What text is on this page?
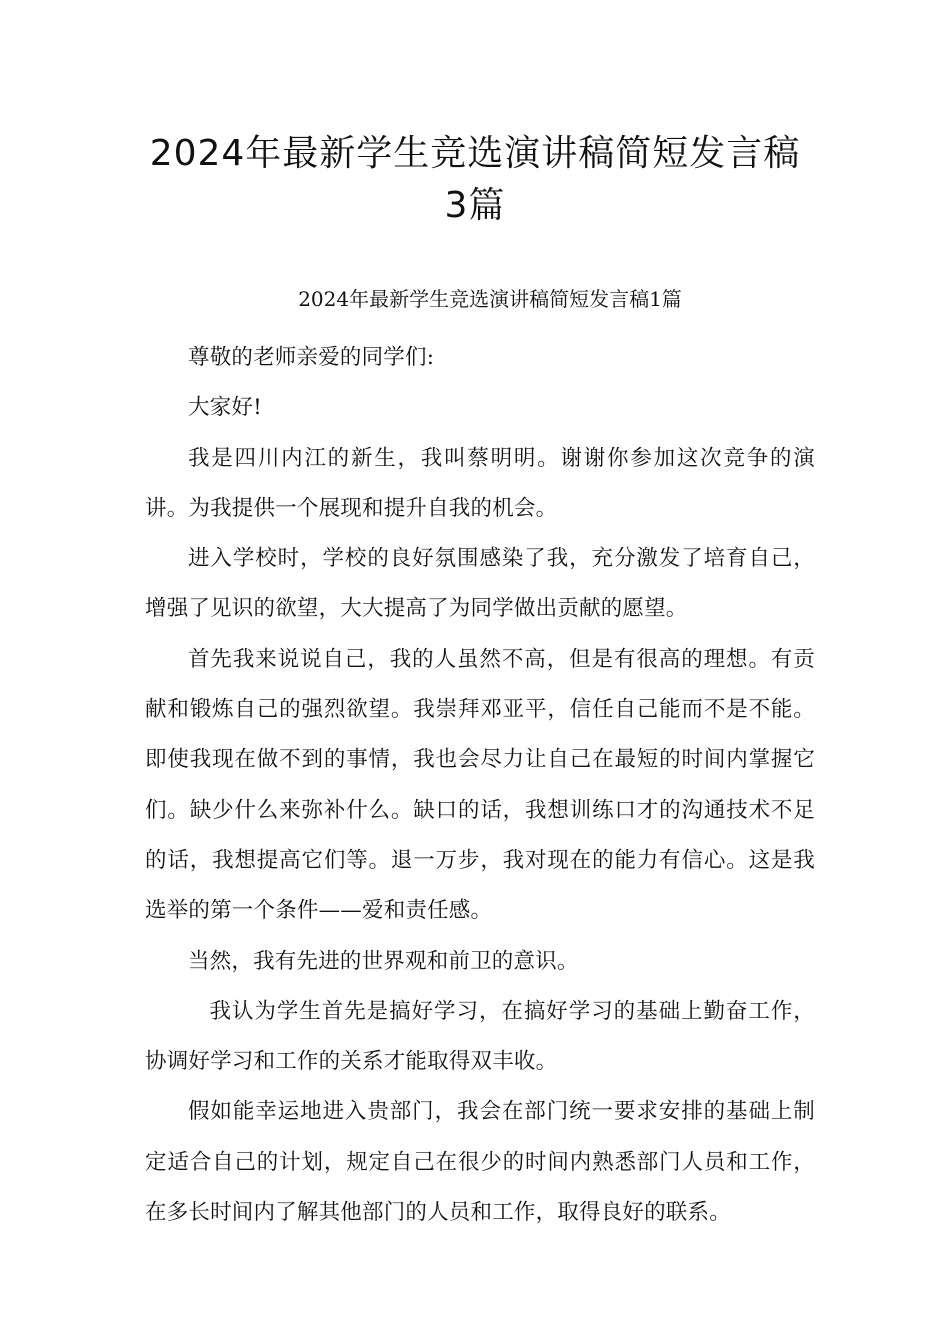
2024年最新学生竞选演讲稿简短发言稿
3篇
2024年最新学生竞选演讲稿简短发言稿1篇

尊敬的老师亲爱的同学们:

大家好!

我是四川内江的新生，我叫蔡明明。谢谢你参加这次竞争的演讲。为我提供一个展现和提升自我的机会。

进入学校时，学校的良好氛围感染了我，充分激发了培育自己，增强了见识的欲望，大大提高了为同学做出贡献的愿望。

首先我来说说自己，我的人虽然不高，但是有很高的理想。有贡献和锻炼自己的强烈欲望。我崇拜邓亚平，信任自己能而不是不能。即使我现在做不到的事情，我也会尽力让自己在最短的时间内掌握它们。缺少什么来弥补什么。缺口的话，我想训练口才的沟通技术不足的话，我想提高它们等。退一万步，我对现在的能力有信心。这是我选举的第一个条件——爱和责任感。

当然，我有先进的世界观和前卫的意识。

我认为学生首先是搞好学习，在搞好学习的基础上勤奋工作，协调好学习和工作的关系才能取得双丰收。

假如能幸运地进入贵部门，我会在部门统一要求安排的基础上制定适合自己的计划，规定自己在很少的时间内熟悉部门人员和工作，在多长时间内了解其他部门的人员和工作，取得良好的联系。
